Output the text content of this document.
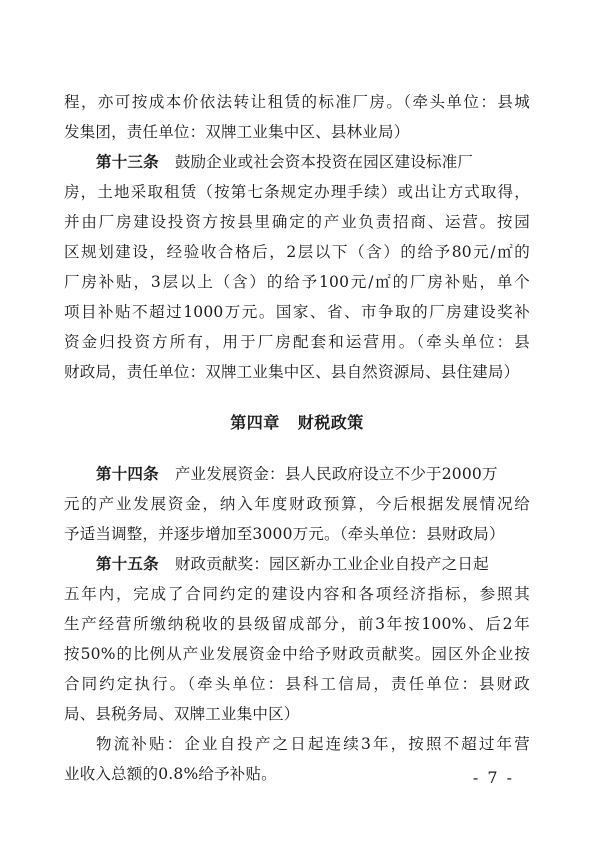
程，亦可按成本价依法转让租赁的标准厂房。（牵头单位：县城
发集团，责任单位：双牌工业集中区、县林业局）
第十三条 鼓励企业或社会资本投资在园区建设标准厂
房，土地采取租赁（按第七条规定办理手续）或出让方式取得，
并由厂房建设投资方按县里确定的产业负责招商、运营。按园
区规划建设，经验收合格后，2层以下（含）的给予80元/㎡的
厂房补贴，3层以上（含）的给予100元/㎡的厂房补贴，单个
项目补贴不超过1000万元。国家、省、市争取的厂房建设奖补
资金归投资方所有，用于厂房配套和运营用。（牵头单位：县
财政局，责任单位：双牌工业集中区、县自然资源局、县住建局）
第四章 财税政策
第十四条 产业发展资金：县人民政府设立不少于2000万
元的产业发展资金，纳入年度财政预算，今后根据发展情况给
予适当调整，并逐步增加至3000万元。（牵头单位：县财政局）
第十五条 财政贡献奖：园区新办工业企业自投产之日起
五年内，完成了合同约定的建设内容和各项经济指标，参照其
生产经营所缴纳税收的县级留成部分，前3年按100%、后2年
按50%的比例从产业发展资金中给予财政贡献奖。园区外企业按
合同约定执行。（牵头单位：县科工信局，责任单位：县财政
局、县税务局、双牌工业集中区）
物流补贴：企业自投产之日起连续3年，按照不超过年营
业收入总额的0.8%给予补贴。	- 7 -
